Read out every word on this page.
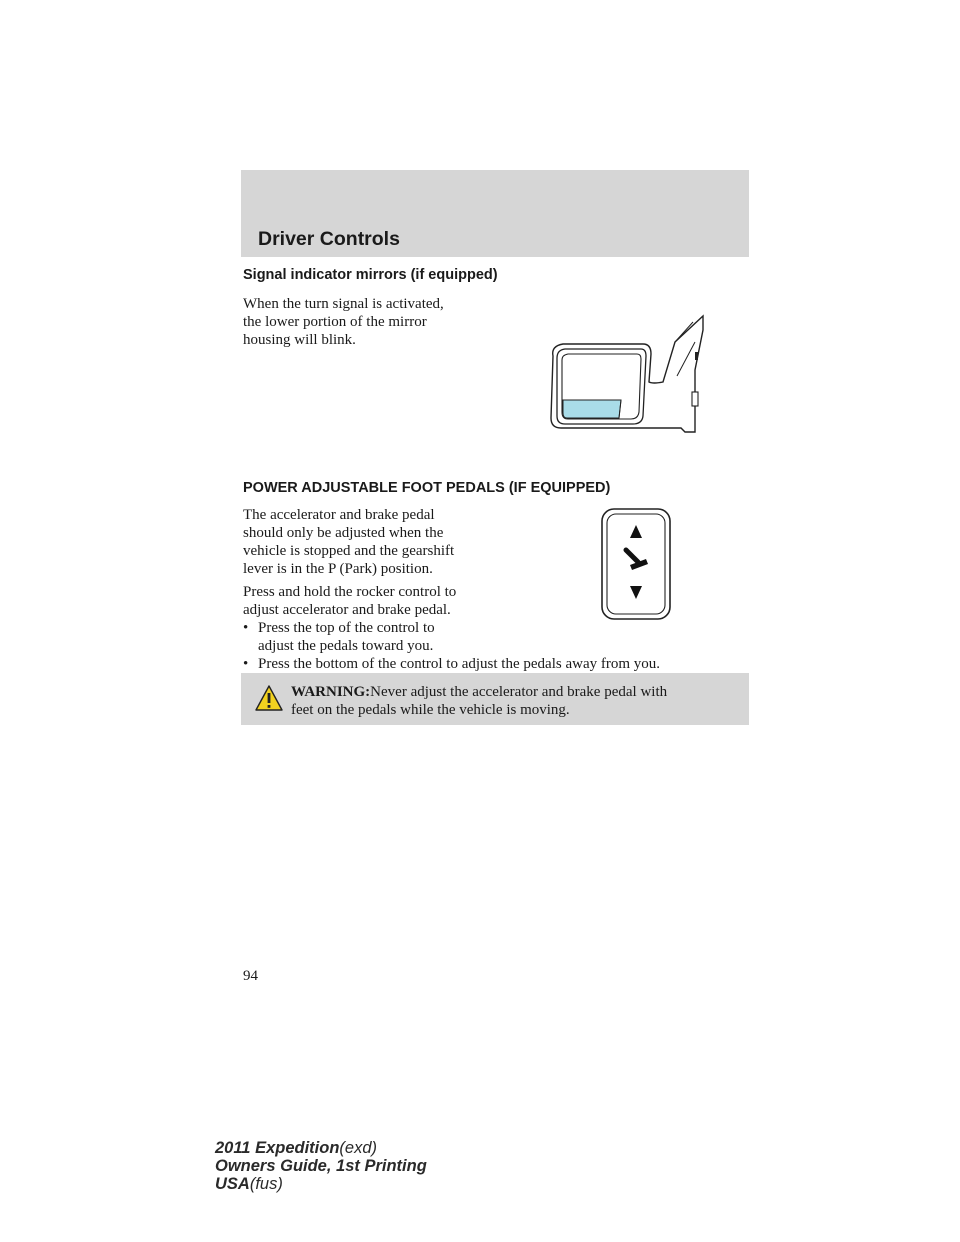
Driver Controls
Signal indicator mirrors (if equipped)
When the turn signal is activated,
the lower portion of the mirror
housing will blink.
POWER ADJUSTABLE FOOT PEDALS (IF EQUIPPED)
The accelerator and brake pedal
should only be adjusted when the
vehicle is stopped and the gearshift
lever is in the P (Park) position.
Press and hold the rocker control to
adjust accelerator and brake pedal.
• Press the top of the control to
adjust the pedals toward you.
• Press the bottom of the control to adjust the pedals away from you.
WARNING:Never adjust the accelerator and brake pedal with
feet on the pedals while the vehicle is moving.
94
2011 Expedition(exd)
Owners Guide, 1st Printing
USA(fus)
